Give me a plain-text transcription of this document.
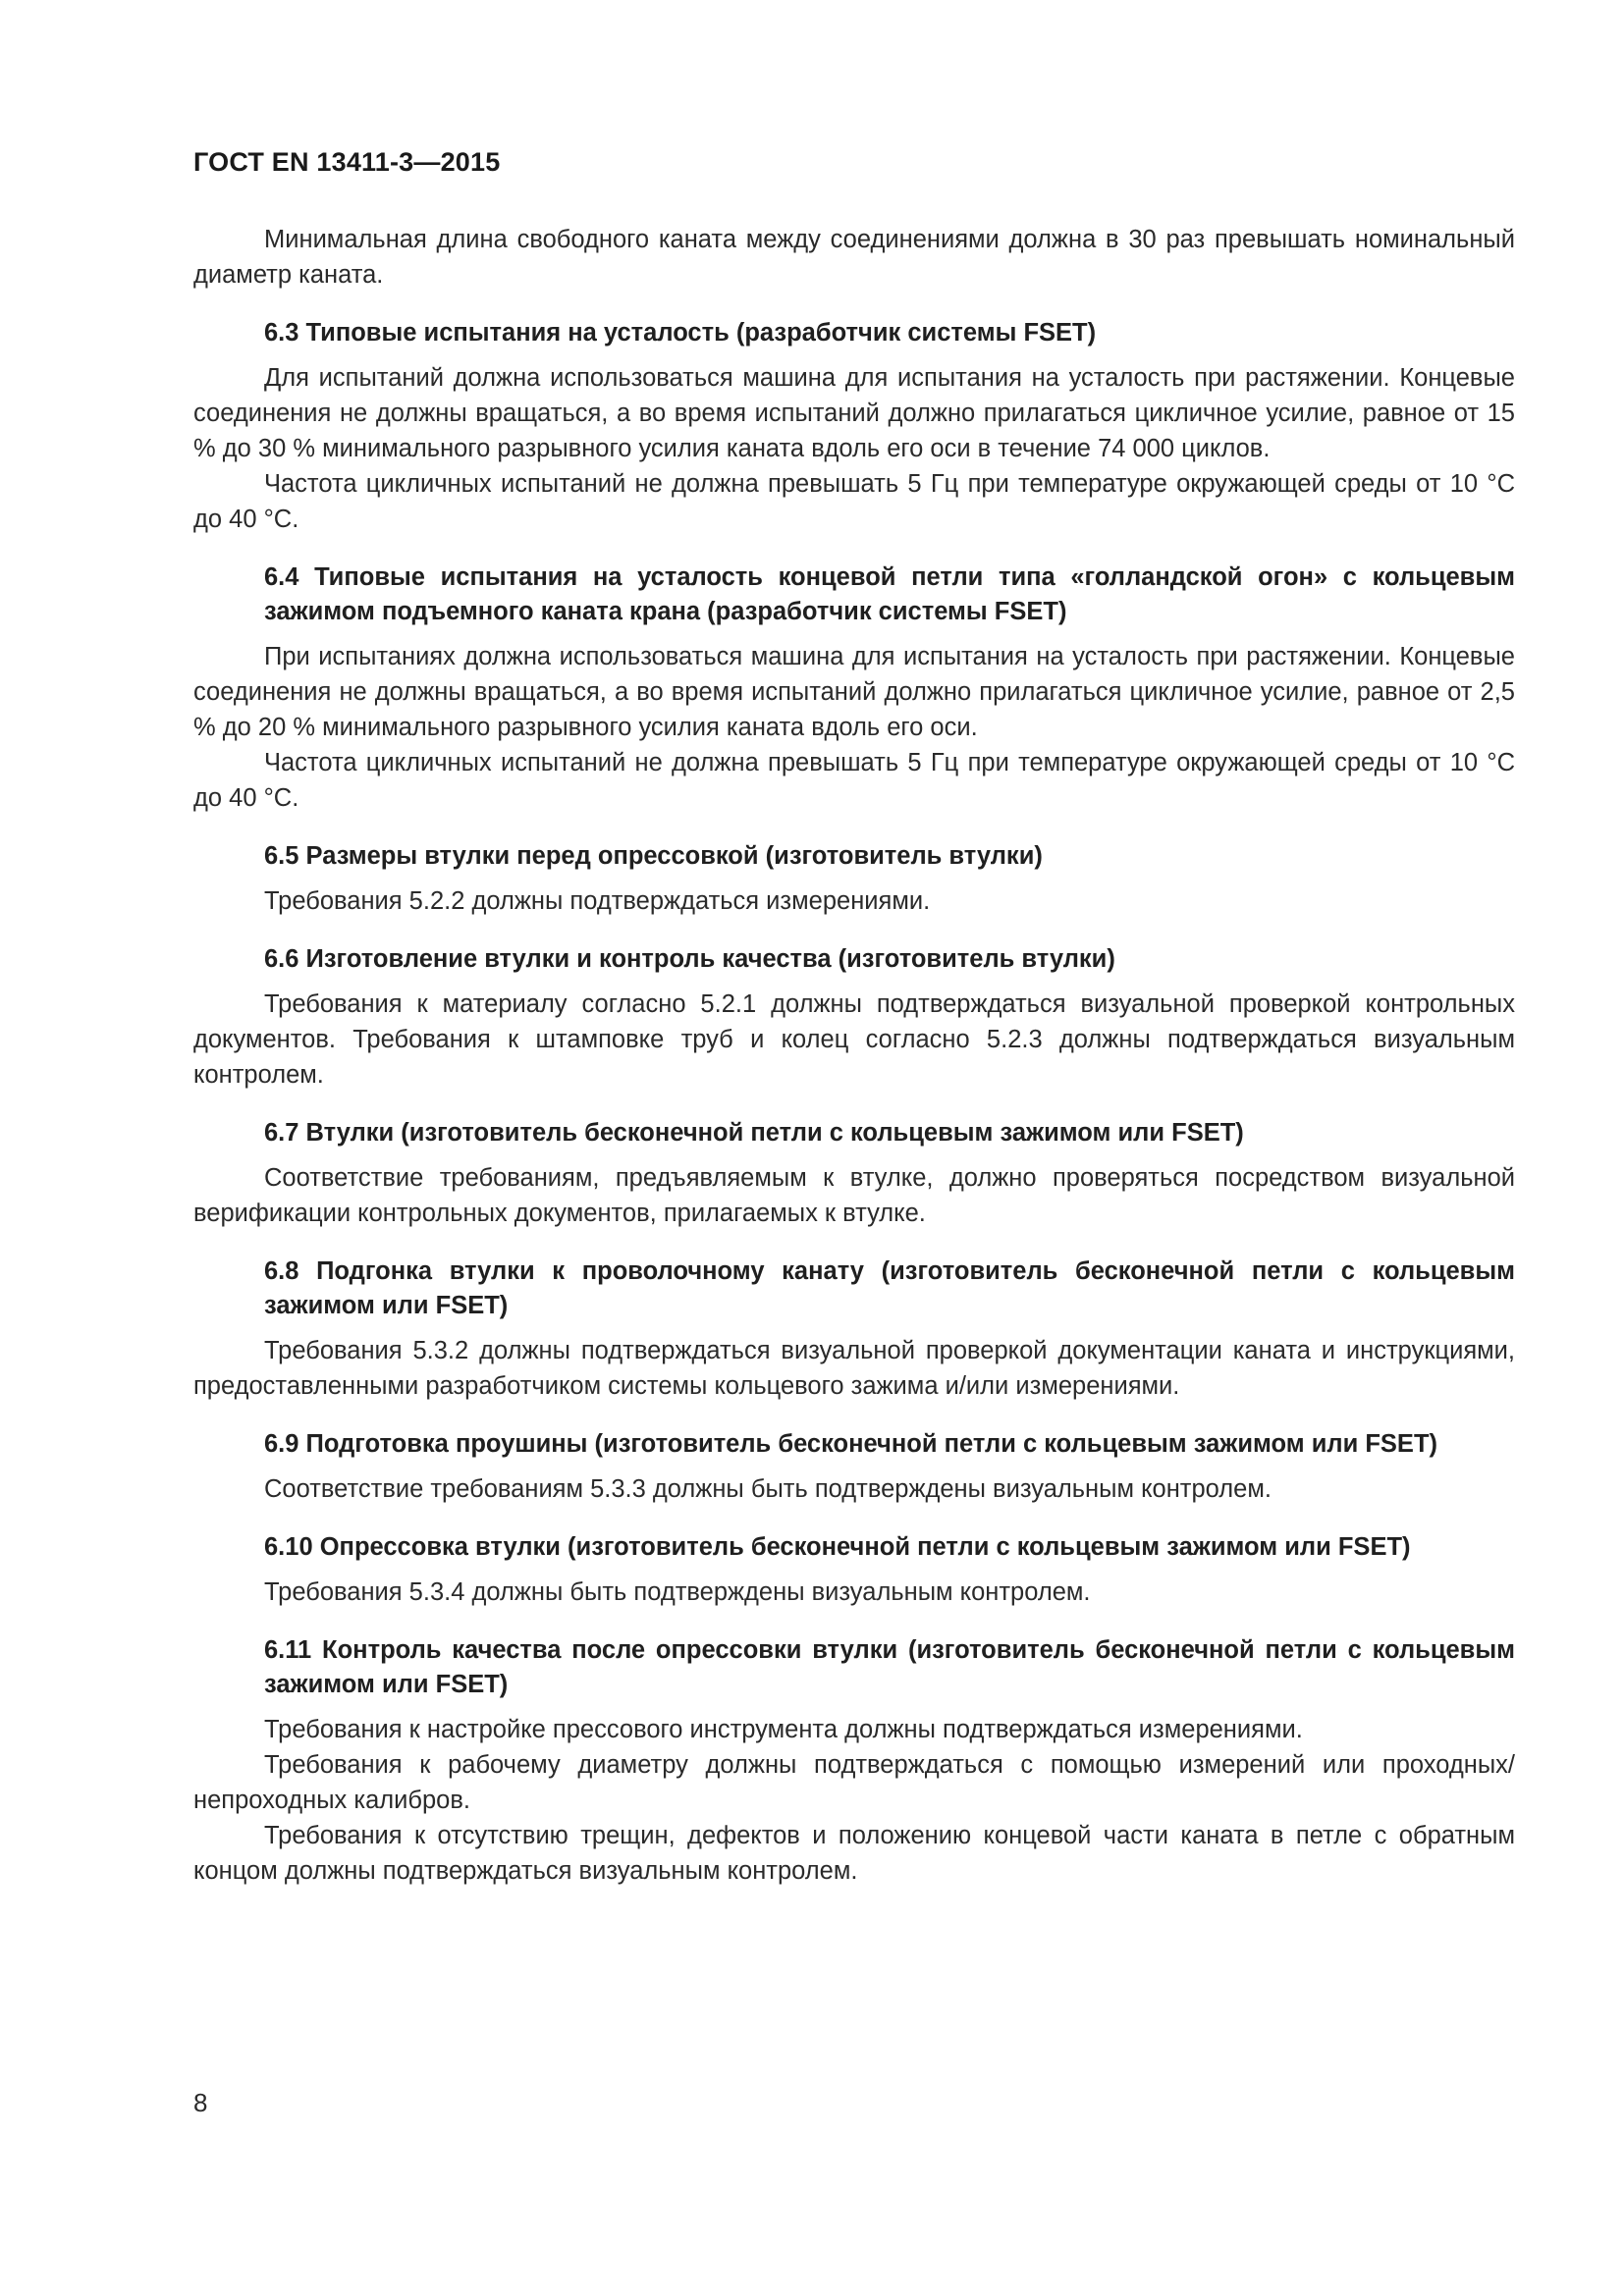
ГОСТ EN 13411-3—2015

Минимальная длина свободного каната между соединениями должна в 30 раз превышать номинальный диаметр каната.

6.3 Типовые испытания на усталость (разработчик системы FSET)

Для испытаний должна использоваться машина для испытания на усталость при растяжении. Концевые соединения не должны вращаться, а во время испытаний должно прилагаться цикличное усилие, равное от 15 % до 30 % минимального разрывного усилия каната вдоль его оси в течение 74 000 циклов.

Частота цикличных испытаний не должна превышать 5 Гц при температуре окружающей среды от 10 °С до 40 °С.

6.4 Типовые испытания на усталость концевой петли типа «голландской огон» с кольцевым зажимом подъемного каната крана (разработчик системы FSET)

При испытаниях должна использоваться машина для испытания на усталость при растяжении. Концевые соединения не должны вращаться, а во время испытаний должно прилагаться цикличное усилие, равное от 2,5 % до 20 % минимального разрывного усилия каната вдоль его оси.

Частота цикличных испытаний не должна превышать 5 Гц при температуре окружающей среды от 10 °С до 40 °С.

6.5 Размеры втулки перед опрессовкой (изготовитель втулки)

Требования 5.2.2 должны подтверждаться измерениями.

6.6 Изготовление втулки и контроль качества (изготовитель втулки)

Требования к материалу согласно 5.2.1 должны подтверждаться визуальной проверкой контрольных документов. Требования к штамповке труб и колец согласно 5.2.3 должны подтверждаться визуальным контролем.

6.7 Втулки (изготовитель бесконечной петли с кольцевым зажимом или FSET)

Соответствие требованиям, предъявляемым к втулке, должно проверяться посредством визуальной верификации контрольных документов, прилагаемых к втулке.

6.8 Подгонка втулки к проволочному канату (изготовитель бесконечной петли с кольцевым зажимом или FSET)

Требования 5.3.2 должны подтверждаться визуальной проверкой документации каната и инструкциями, предоставленными разработчиком системы кольцевого зажима и/или измерениями.

6.9 Подготовка проушины (изготовитель бесконечной петли с кольцевым зажимом или FSET)

Соответствие требованиям 5.3.3 должны быть подтверждены визуальным контролем.

6.10 Опрессовка втулки (изготовитель бесконечной петли с кольцевым зажимом или FSET)

Требования 5.3.4 должны быть подтверждены визуальным контролем.

6.11 Контроль качества после опрессовки втулки (изготовитель бесконечной петли с кольцевым зажимом или FSET)

Требования к настройке прессового инструмента должны подтверждаться измерениями.

Требования к рабочему диаметру должны подтверждаться с помощью измерений или проходных/непроходных калибров.

Требования к отсутствию трещин, дефектов и положению концевой части каната в петле с обратным концом должны подтверждаться визуальным контролем.

8
